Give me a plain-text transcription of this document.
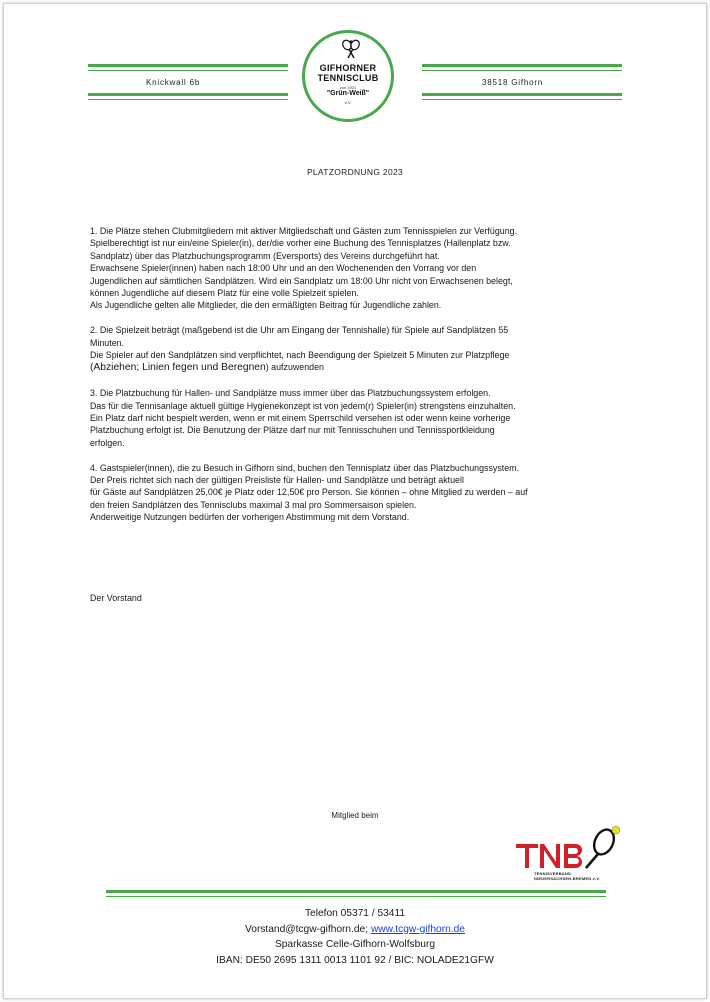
Knickwall 6b	38518 Gifhorn
GIFHORNER
TENNISCLUB
von 1921
"Grün-Weiß"
e.V.
PLATZORDNUNG 2023

1. Die Plätze stehen Clubmitgliedern mit aktiver Mitgliedschaft und Gästen zum Tennisspielen zur Verfügung.
Spielberechtigt ist nur ein/eine Spieler(in), der/die vorher eine Buchung des Tennisplatzes (Hallenplatz bzw.
Sandplatz) über das Platzbuchungsprogramm (Eversports) des Vereins durchgeführt hat.
Erwachsene Spieler(innen) haben nach 18:00 Uhr und an den Wochenenden den Vorrang vor den
Jugendlichen auf sämtlichen Sandplätzen. Wird ein Sandplatz um 18:00 Uhr nicht von Erwachsenen belegt,
können Jugendliche auf diesem Platz für eine volle Spielzeit spielen.
Als Jugendliche gelten alle Mitglieder, die den ermäßigten Beitrag für Jugendliche zahlen.

2. Die Spielzeit beträgt (maßgebend ist die Uhr am Eingang der Tennishalle) für Spiele auf Sandplätzen 55
Minuten.
Die Spieler auf den Sandplätzen sind verpflichtet, nach Beendigung der Spielzeit 5 Minuten zur Platzpflege
(Abziehen; Linien fegen und Beregnen) aufzuwenden

3. Die Platzbuchung für Hallen- und Sandplätze muss immer über das Platzbuchungssystem erfolgen.
Das für die Tennisanlage aktuell gültige Hygienekonzept ist von jedem(r) Spieler(in) strengstens einzuhalten.
Ein Platz darf nicht bespielt werden, wenn er mit einem Sperrschild versehen ist oder wenn keine vorherige
Platzbuchung erfolgt ist. Die Benutzung der Plätze darf nur mit Tennisschuhen und Tennissportkleidung
erfolgen.

4. Gastspieler(innen), die zu Besuch in Gifhorn sind, buchen den Tennisplatz über das Platzbuchungssystem.
Der Preis richtet sich nach der gültigen Preisliste für Hallen- und Sandplätze und beträgt aktuell
für Gäste auf Sandplätzen 25,00€ je Platz oder 12,50€ pro Person. Sie können – ohne Mitglied zu werden – auf
den freien Sandplätzen des Tennisclubs maximal 3 mal pro Sommersaison spielen.
Anderweitige Nutzungen bedürfen der vorherigen Abstimmung mit dem Vorstand.

Der Vorstand
Mitglied beim
TENNISVERBAND
NIEDERSACHSEN-BREMEN e.V.
Telefon 05371 / 53411
Vorstand@tcgw-gifhorn.de; www.tcgw-gifhorn.de
Sparkasse Celle-Gifhorn-Wolfsburg
IBAN: DE50 2695 1311 0013 1101 92 / BIC: NOLADE21GFW
